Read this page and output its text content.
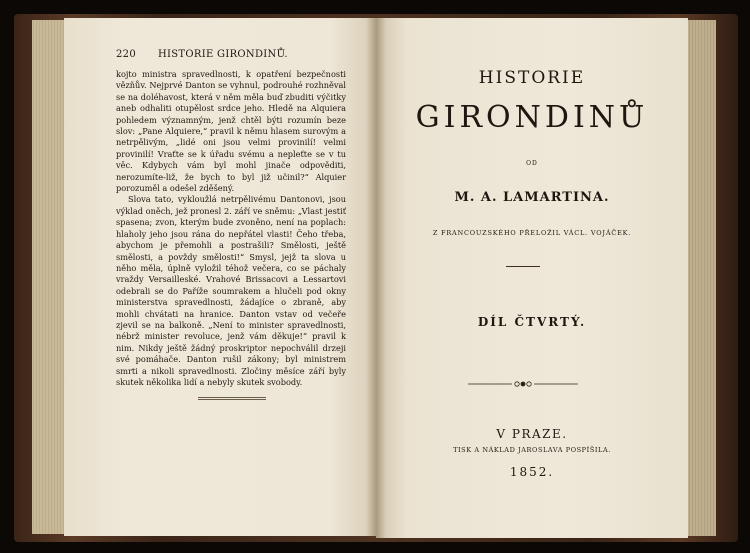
220 HISTORIE GIRONDINŮ.

kojto ministra spravedlnosti, k opatření bezpečnosti vězňův. Nejprvé Danton se vyhnul, podrouhé rozhněval se na doléhavost, která v něm měla buď zbuditi výčitky aneb odhaliti otupělost srdce jeho. Hledě na Alquiera pohledem významným, jenž chtěl býti rozumín beze slov: „Pane Alquiere,“ pravil k němu hlasem surovým a netrpělivým, „lidé oni jsou velmi provinilí! velmi provinilí! Vraťte se k úřadu svému a nepleťte se v tu věc. Kdybych vám byl mohl jinače odpověditi, nerozumíte-liž, že bych to byl již učinil?“ Alquier porozuměl a odešel zděšený.

Slova tato, vykloužlá netrpělivému Dantonovi, jsou výklad oněch, jež pronesl 2. září ve sněmu: „Vlast jestiť spasena; zvon, kterým bude zvoněno, není na poplach: hlaholy jeho jsou rána do nepřátel vlasti! Čeho třeba, abychom je přemohli a postrašili? Smělosti, ještě smělosti, a povždy smělosti!“ Smysl, jejž ta slova u něho měla, úplně vyložil téhož večera, co se páchaly vraždy Versailleské. Vrahové Brissacovi a Lessartovi odebrali se do Paříže soumrakem a hlučeli pod okny ministerstva spravedlnosti, žádajíce o zbraně, aby mohli chvátati na hranice. Danton vstav od večeře zjevil se na balkoně. „Není to minister spravedlnosti, nébrž minister revoluce, jenž vám děkuje!“ pravil k nim. Nikdy ještě žádný proskriptor nepochválil drzeji své pomáhače. Danton rušil zákony; byl ministrem smrti a nikoli spravedlnosti. Zločiny měsíce září byly skutek několika lidí a nebyly skutek svobody.

HISTORIE
GIRONDINŮ
OD
M. A. LAMARTINA.
Z FRANCOUZSKÉHO PŘELOŽIL VÁCL. VOJÁČEK.
DÍL ČTVRTÝ.
V PRAZE.
TISK A NÁKLAD JAROSLAVA POSPÍŠILA.
1852.
